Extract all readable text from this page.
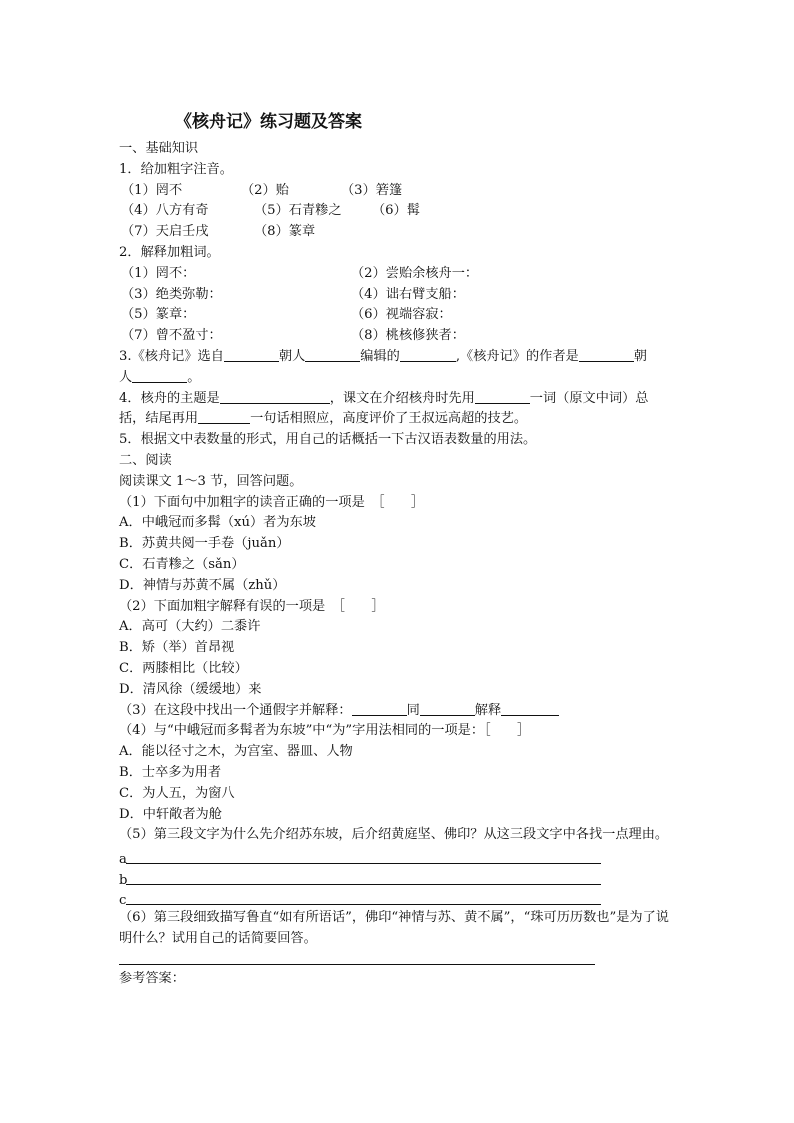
《核舟记》练习题及答案
一、基础知识
1．给加粗字注音。
（1）罔不	（2）贻	（3）箬篷
（4）八方有奇	（5）石青糁之 （6）髯
（7）天启壬戌	（8）篆章
2．解释加粗词。
（1）罔不：	（2）尝贻余核舟一：
（3）绝类弥勒：	（4）诎右臂支船：
（5）篆章：	（6）视端容寂：
（7）曾不盈寸：	（8）桃核修狭者：
3.《核舟记》选自	朝人	编辑的	,《核舟记》的作者是	朝
人	。
4．核舟的主题是	，课文在介绍核舟时先用	一词（原文中词）总
括，结尾再用	一句话相照应，高度评价了王叔远高超的技艺。
5．根据文中表数量的形式，用自己的话概括一下古汉语表数量的用法。
二、阅读
阅读课文 1～3 节，回答问题。
（1）下面句中加粗字的读音正确的一项是　［　　］
A．中峨冠而多髯（xú）者为东坡
B．苏黄共阅一手卷（juǎn）
C．石青糁之（sǎn）
D．神情与苏黄不属（zhǔ）
（2）下面加粗字解释有误的一项是　［　　］
A．高可（大约）二黍许
B．矫（举）首昂视
C．两膝相比（比较）
D．清风徐（缓缓地）来
（3）在这段中找出一个通假字并解释：	同	解释
（4）与“中峨冠而多髯者为东坡”中“为”字用法相同的一项是：［　　］
A．能以径寸之木，为宫室、器皿、人物
B．士卒多为用者
C．为人五，为窗八
D．中轩敞者为舱
（5）第三段文字为什么先介绍苏东坡，后介绍黄庭坚、佛印？从这三段文字中各找一点理由。
a
b
c
（6）第三段细致描写鲁直“如有所语话”，佛印“神情与苏、黄不属”，“珠可历历数也”是为了说明什么？试用自己的话简要回答。
参考答案：
